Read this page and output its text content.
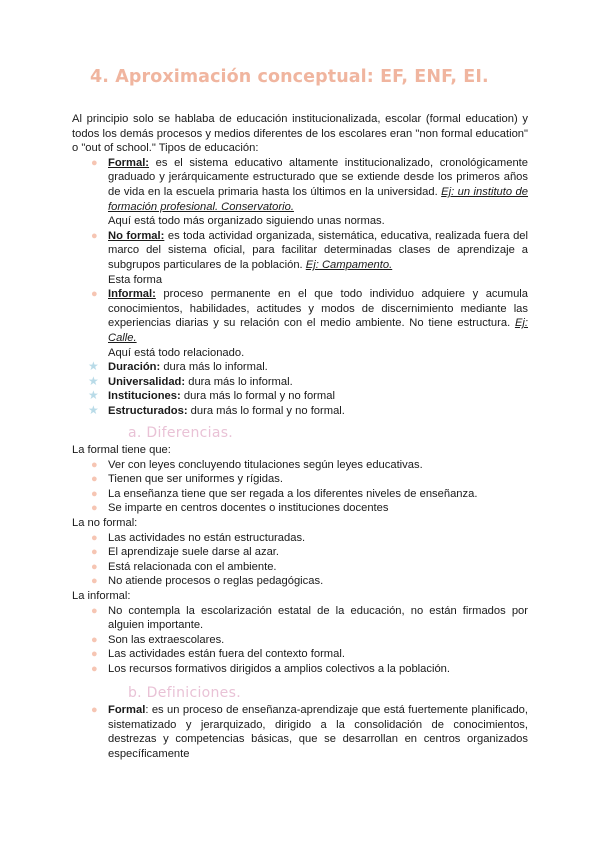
4. Aproximación conceptual: EF, ENF, EI.

Al principio solo se hablaba de educación institucionalizada, escolar (formal education) y todos los demás procesos y medios diferentes de los escolares eran "non formal education" o "out of school." Tipos de educación:

● Formal: es el sistema educativo altamente institucionalizado, cronológicamente graduado y jerárquicamente estructurado que se extiende desde los primeros años de vida en la escuela primaria hasta los últimos en la universidad. Ej: un instituto de formación profesional. Conservatorio.

Aquí está todo más organizado siguiendo unas normas.

● No formal: es toda actividad organizada, sistemática, educativa, realizada fuera del marco del sistema oficial, para facilitar determinadas clases de aprendizaje a subgrupos particulares de la población. Ej: Campamento.

Esta forma

● Informal: proceso permanente en el que todo individuo adquiere y acumula conocimientos, habilidades, actitudes y modos de discernimiento mediante las experiencias diarias y su relación con el medio ambiente. No tiene estructura. Ej: Calle.

Aquí está todo relacionado.

★ Duración: dura más lo informal.
★ Universalidad: dura más lo informal.
★ Instituciones: dura más lo formal y no formal
★ Estructurados: dura más lo formal y no formal.
a. Diferencias.

La formal tiene que:

● Ver con leyes concluyendo titulaciones según leyes educativas.
● Tienen que ser uniformes y rígidas.
● La enseñanza tiene que ser regada a los diferentes niveles de enseñanza.
● Se imparte en centros docentes o instituciones docentes

La no formal:

● Las actividades no están estructuradas.
● El aprendizaje suele darse al azar.
● Está relacionada con el ambiente.
● No atiende procesos o reglas pedagógicas.

La informal:

● No contempla la escolarización estatal de la educación, no están firmados por alguien importante.
● Son las extraescolares.
● Las actividades están fuera del contexto formal.
● Los recursos formativos dirigidos a amplios colectivos a la población.
b. Definiciones.
● Formal: es un proceso de enseñanza-aprendizaje que está fuertemente planificado, sistematizado y jerarquizado, dirigido a la consolidación de conocimientos, destrezas y competencias básicas, que se desarrollan en centros organizados específicamente
